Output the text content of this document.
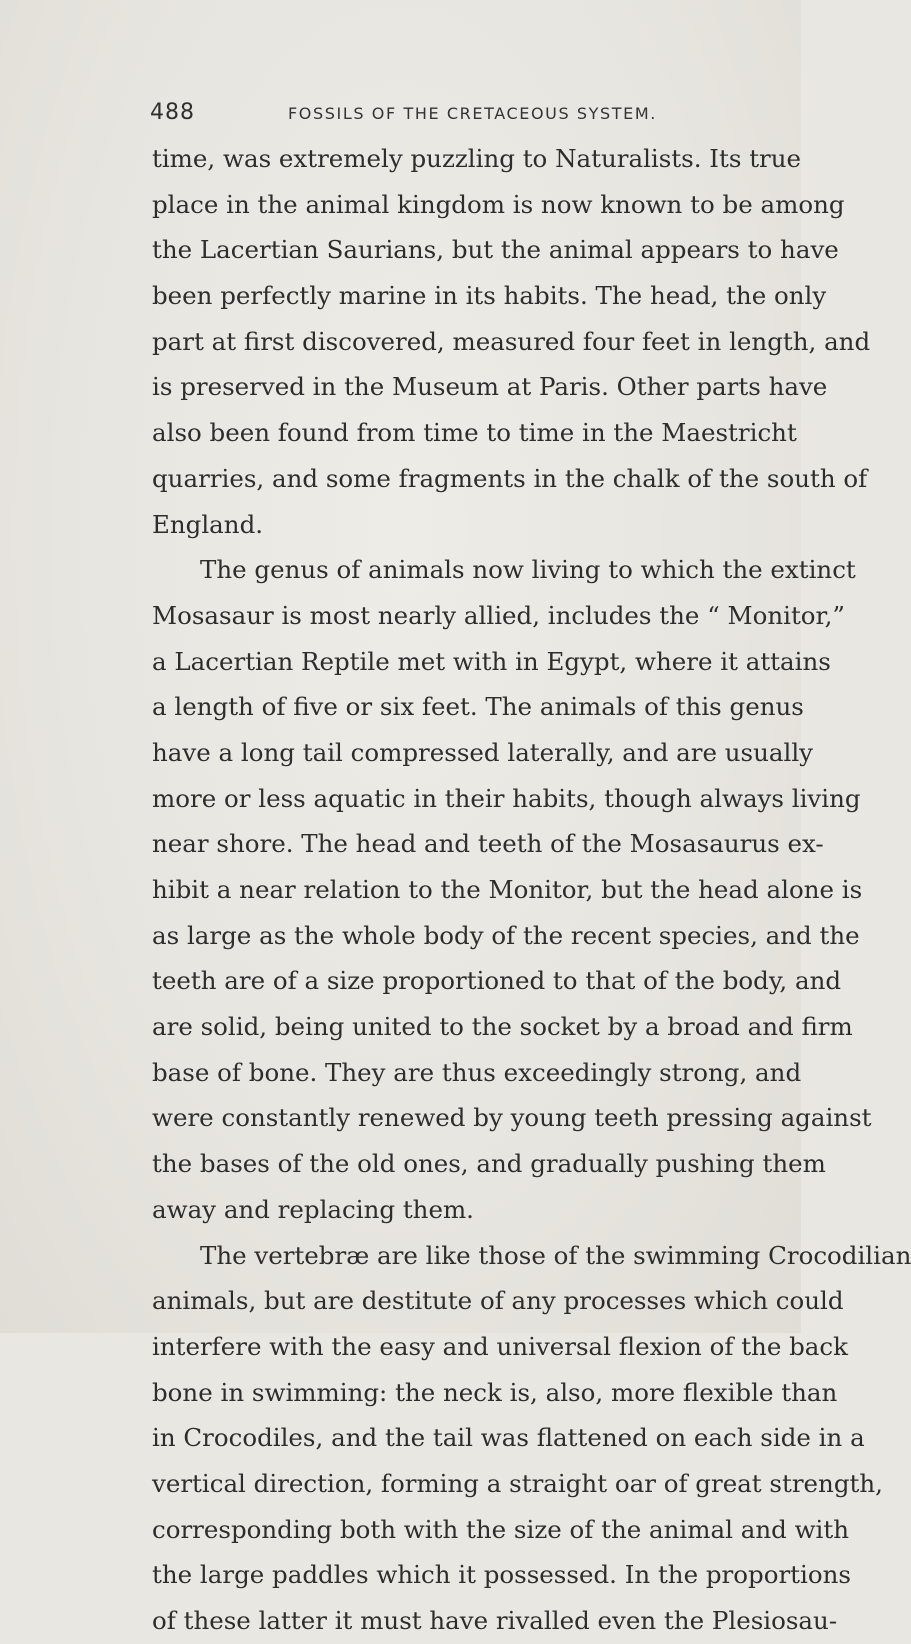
488	FOSSILS OF THE CRETACEOUS SYSTEM.
time, was extremely puzzling to Naturalists. Its true
place in the animal kingdom is now known to be among
the Lacertian Saurians, but the animal appears to have
been perfectly marine in its habits. The head, the only
part at first discovered, measured four feet in length, and
is preserved in the Museum at Paris. Other parts have
also been found from time to time in the Maestricht
quarries, and some fragments in the chalk of the south of
England.
The genus of animals now living to which the extinct
Mosasaur is most nearly allied, includes the “ Monitor,”
a Lacertian Reptile met with in Egypt, where it attains
a length of five or six feet. The animals of this genus
have a long tail compressed laterally, and are usually
more or less aquatic in their habits, though always living
near shore. The head and teeth of the Mosasaurus ex-
hibit a near relation to the Monitor, but the head alone is
as large as the whole body of the recent species, and the
teeth are of a size proportioned to that of the body, and
are solid, being united to the socket by a broad and firm
base of bone. They are thus exceedingly strong, and
were constantly renewed by young teeth pressing against
the bases of the old ones, and gradually pushing them
away and replacing them.
The vertebræ are like those of the swimming Crocodilian
animals, but are destitute of any processes which could
interfere with the easy and universal flexion of the back
bone in swimming: the neck is, also, more flexible than
in Crocodiles, and the tail was flattened on each side in a
vertical direction, forming a straight oar of great strength,
corresponding both with the size of the animal and with
the large paddles which it possessed. In the proportions
of these latter it must have rivalled even the Plesiosau-
